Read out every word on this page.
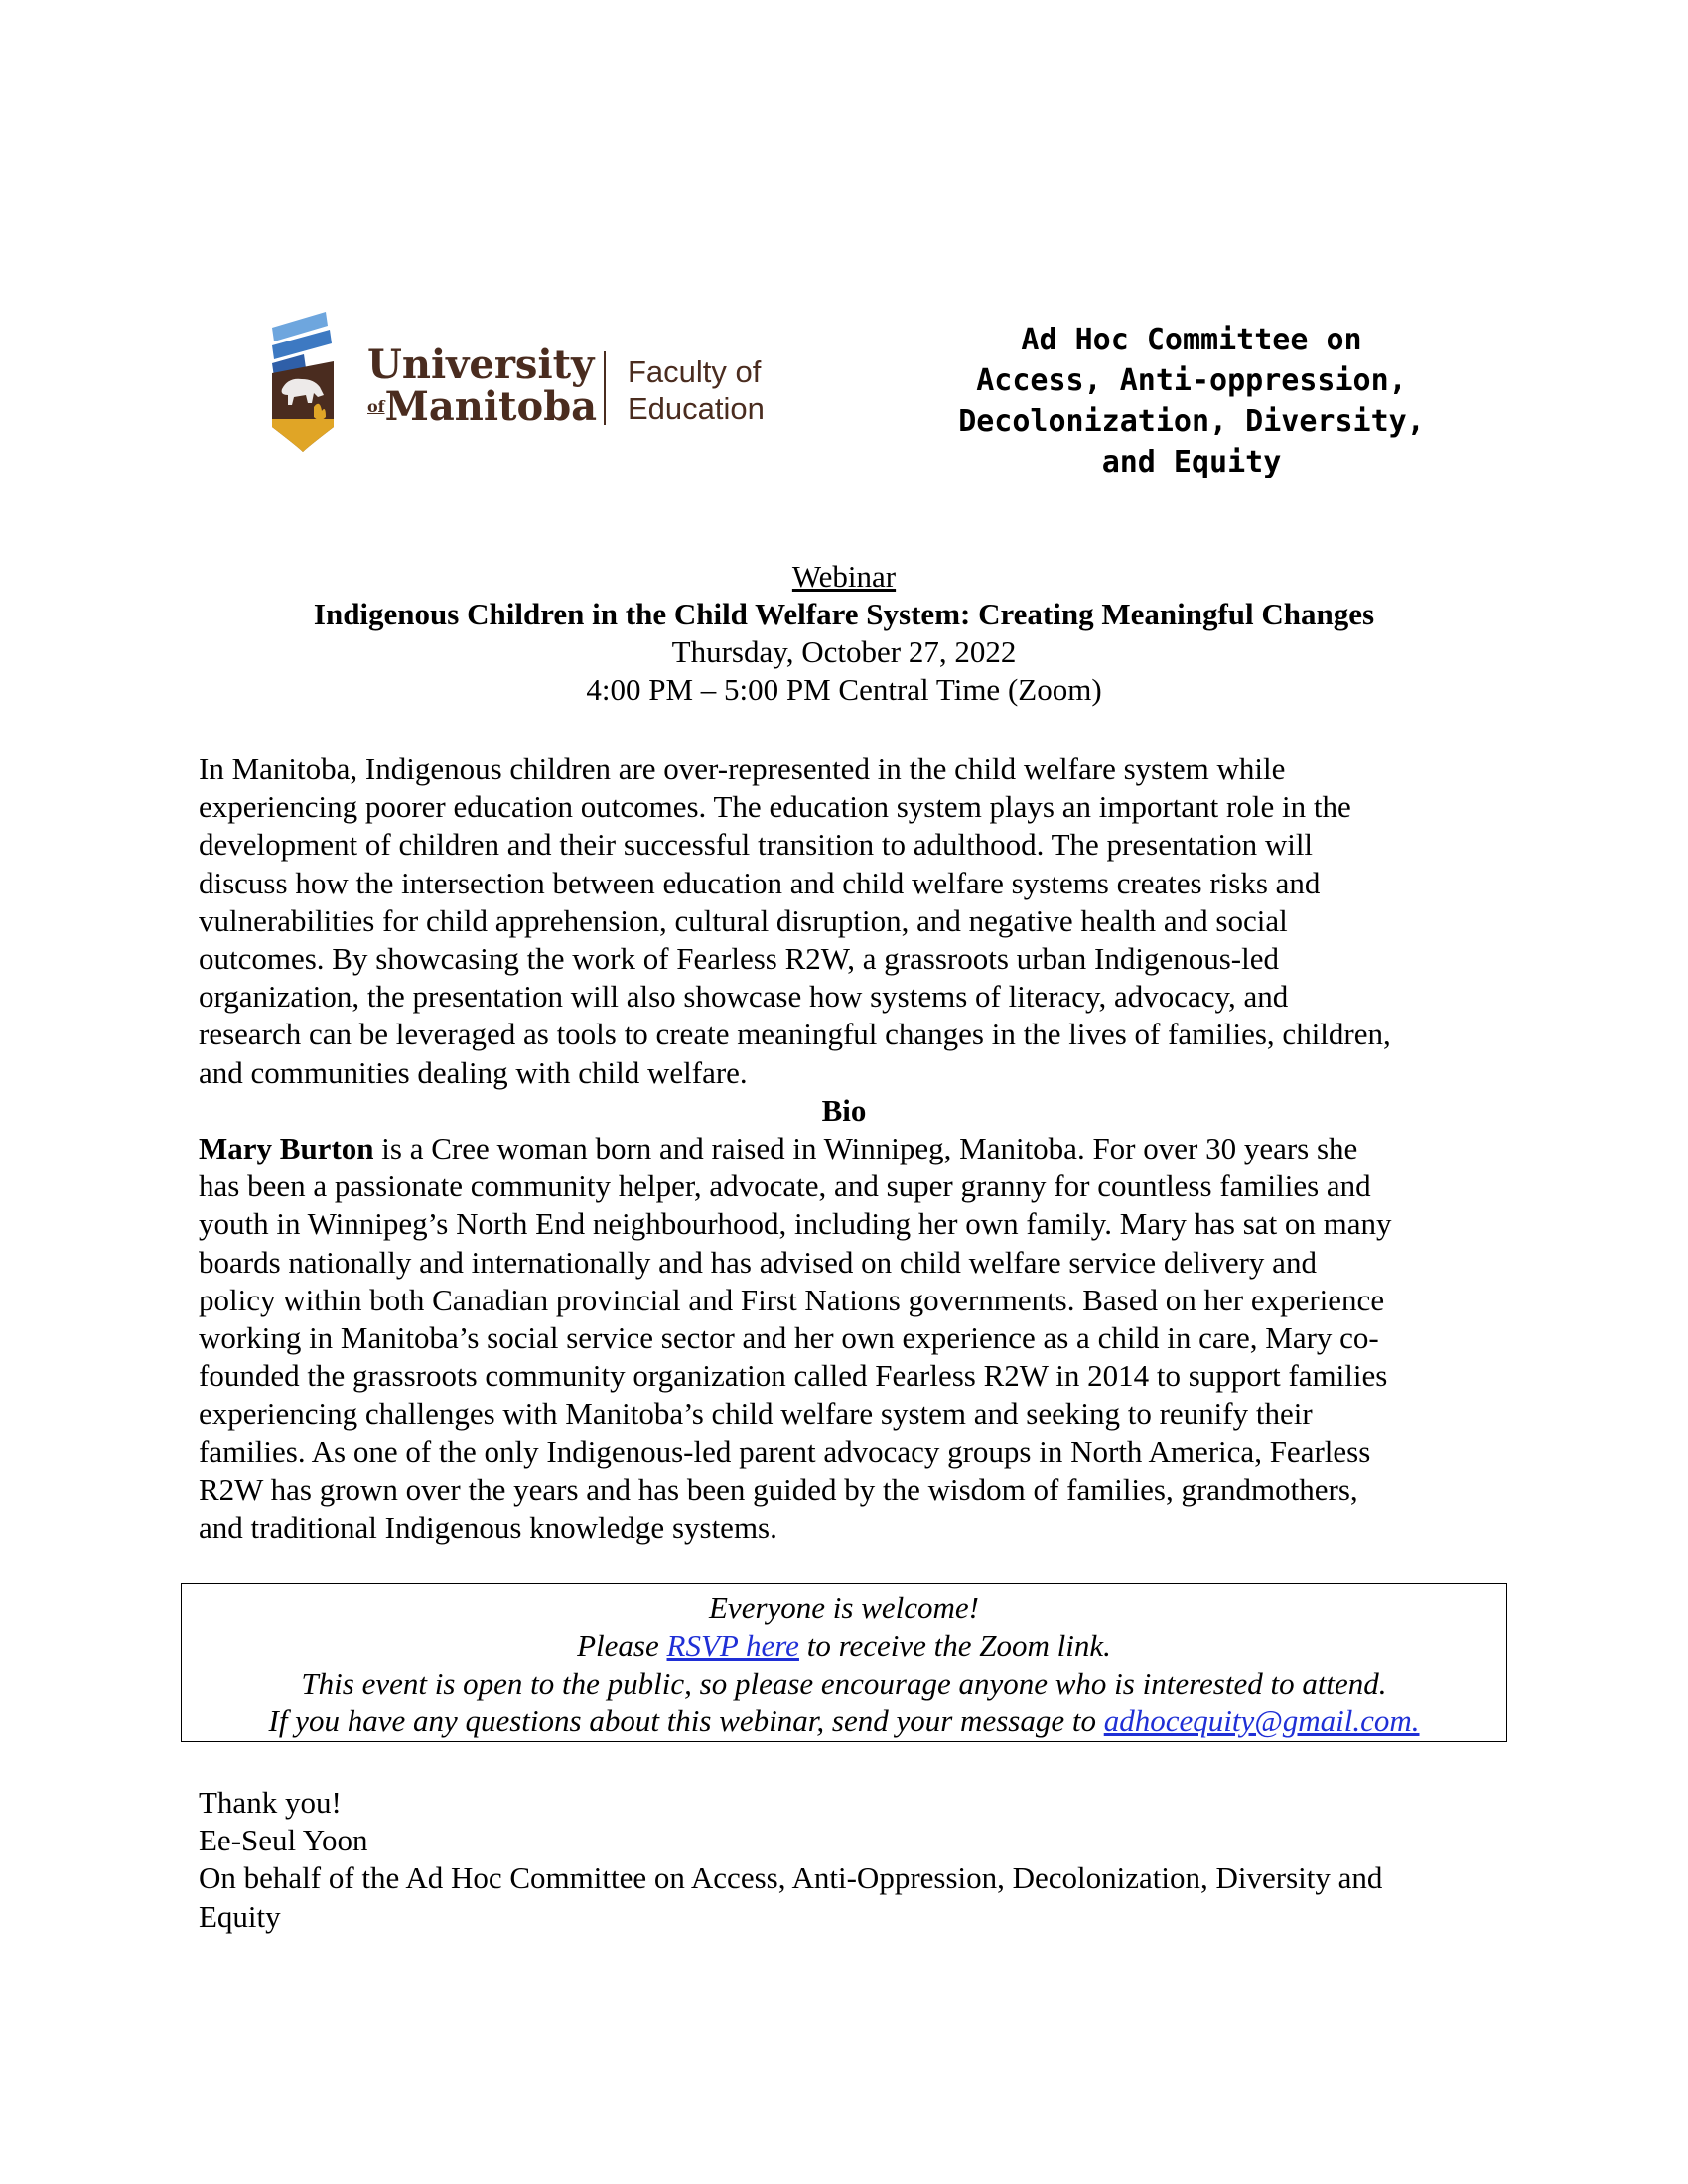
University
$^{of}$Manitoba
Faculty of
Education
Ad Hoc Committee on
Access, Anti-oppression,
Decolonization, Diversity,
and Equity
Webinar
Indigenous Children in the Child Welfare System: Creating Meaningful Changes
Thursday, October 27, 2022
4:00 PM – 5:00 PM Central Time (Zoom)
In Manitoba, Indigenous children are over-represented in the child welfare system while
experiencing poorer education outcomes. The education system plays an important role in the
development of children and their successful transition to adulthood. The presentation will
discuss how the intersection between education and child welfare systems creates risks and
vulnerabilities for child apprehension, cultural disruption, and negative health and social
outcomes. By showcasing the work of Fearless R2W, a grassroots urban Indigenous-led
organization, the presentation will also showcase how systems of literacy, advocacy, and
research can be leveraged as tools to create meaningful changes in the lives of families, children,
and communities dealing with child welfare.
Bio
Mary Burton is a Cree woman born and raised in Winnipeg, Manitoba. For over 30 years she
has been a passionate community helper, advocate, and super granny for countless families and
youth in Winnipeg’s North End neighbourhood, including her own family. Mary has sat on many
boards nationally and internationally and has advised on child welfare service delivery and
policy within both Canadian provincial and First Nations governments. Based on her experience
working in Manitoba’s social service sector and her own experience as a child in care, Mary co-
founded the grassroots community organization called Fearless R2W in 2014 to support families
experiencing challenges with Manitoba’s child welfare system and seeking to reunify their
families. As one of the only Indigenous-led parent advocacy groups in North America, Fearless
R2W has grown over the years and has been guided by the wisdom of families, grandmothers,
and traditional Indigenous knowledge systems.
Everyone is welcome!
Please RSVP here to receive the Zoom link.
This event is open to the public, so please encourage anyone who is interested to attend.
If you have any questions about this webinar, send your message to adhocequity@gmail.com.
Thank you!
Ee-Seul Yoon
On behalf of the Ad Hoc Committee on Access, Anti-Oppression, Decolonization, Diversity and
Equity
